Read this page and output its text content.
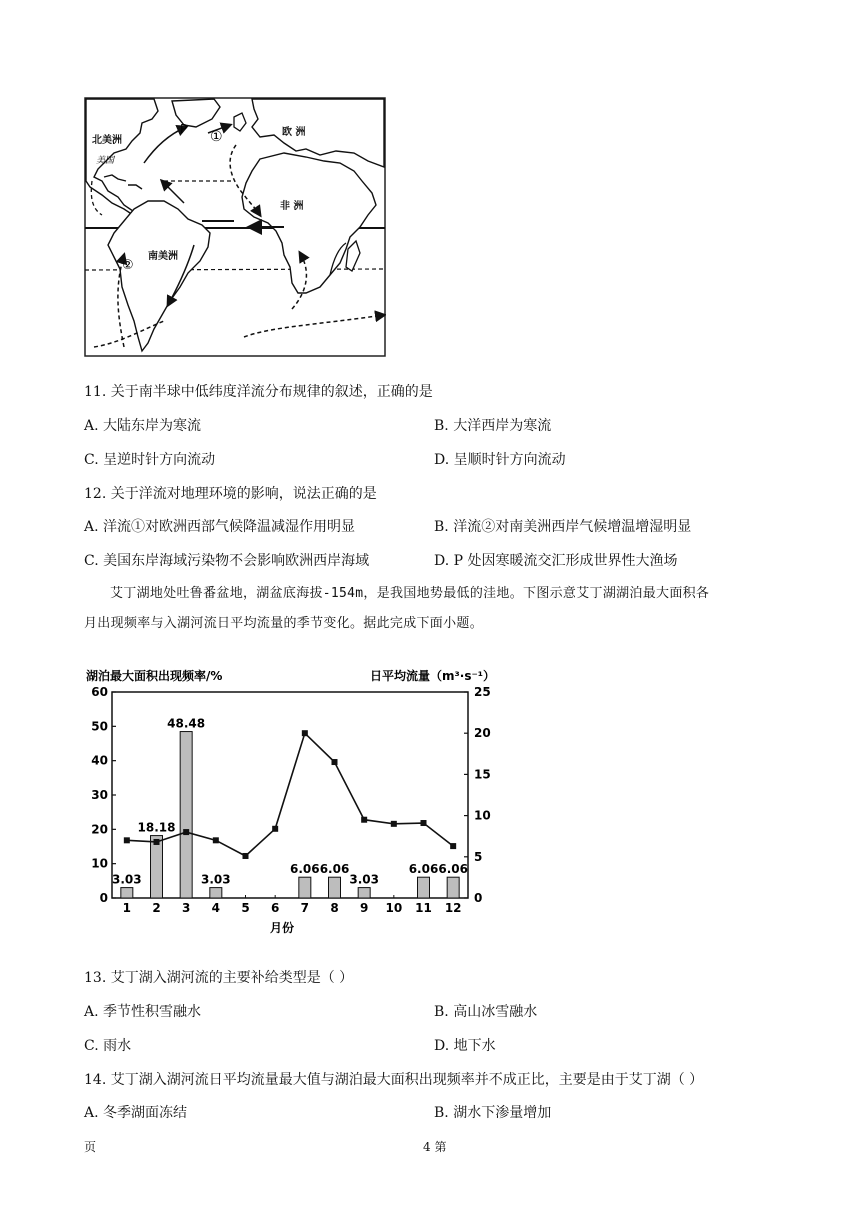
北美洲
美国
欧 洲
非 洲
南美洲
P ①
②
11. 关于南半球中低纬度洋流分布规律的叙述，正确的是
A. 大陆东岸为寒流	B. 大洋西岸为寒流
C. 呈逆时针方向流动	D. 呈顺时针方向流动
12. 关于洋流对地理环境的影响，说法正确的是
A. 洋流①对欧洲西部气候降温减湿作用明显	B. 洋流②对南美洲西岸气候增温增湿明显
C. 美国东岸海域污染物不会影响欧洲西岸海域	D. P 处因寒暖流交汇形成世界性大渔场
艾丁湖地处吐鲁番盆地，湖盆底海拔-154m，是我国地势最低的洼地。下图示意艾丁湖湖泊最大面积各
月出现频率与入湖河流日平均流量的季节变化。据此完成下面小题。
湖泊最大面积出现频率/%	日平均流量（m³·s⁻¹）
0
10
20
30
40
50
60
0
5
10
15
20
25
1 2 3 4 5 6 7 8 9 10 11 12
3.03
18.18
48.48
3.03
6.06 6.06
3.03
6.06 6.06
月份
13. 艾丁湖入湖河流的主要补给类型是（ ）
A. 季节性积雪融水	B. 高山冰雪融水
C. 雨水	D. 地下水
14. 艾丁湖入湖河流日平均流量最大值与湖泊最大面积出现频率并不成正比，主要是由于艾丁湖（ ）
A. 冬季湖面冻结	B. 湖水下渗量增加
页	4 第
